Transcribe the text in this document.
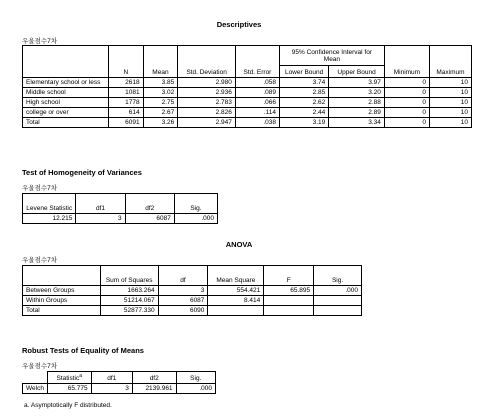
Descriptives
우울점수7차
	N	Mean	Std. Deviation	Std. Error	95% Confidence Interval for Mean		Minimum	Maximum
					Lower Bound	Upper Bound		
Elementary school or less	2618	3.85	2.980	.058	3.74	3.97	0	10
Middle school	1081	3.02	2.936	.089	2.85	3.20	0	10
High school	1778	2.75	2.783	.066	2.62	2.88	0	10
college or over	614	2.67	2.826	.114	2.44	2.89	0	10
Total	6091	3.26	2.947	.038	3.19	3.34	0	10
Test of Homogeneity of Variances
우울점수7차
Levene Statistic	df1	df2	Sig.
12.215	3	6087	.000
ANOVA
우울점수7차
	Sum of Squares	df	Mean Square	F	Sig.
Between Groups	1663.264	3	554.421	65.895	.000
Within Groups	51214.067	6087	8.414		
Total	52877.330	6090			
Robust Tests of Equality of Means
우울점수7차
	Statistic$^a$	df1	df2	Sig.
Welch	65.775	3	2139.961	.000
a. Asymptotically F distributed.
